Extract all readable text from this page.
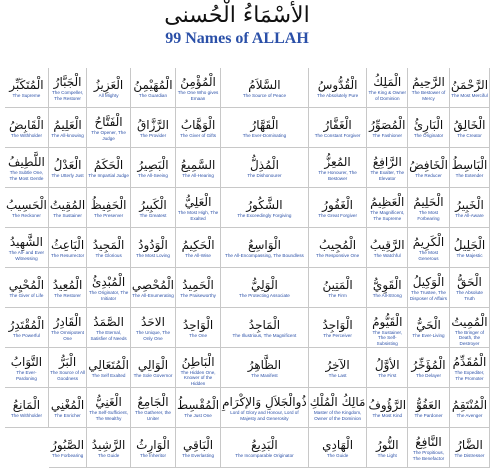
الأسْمَاءُ الْحُسنى
99 Names of ALLAH
الْمُتَكَبِّر
The Supreme
الْجَبَّارُ
The Compeller, The Restorer
الْعَزِيزُ
All Mighty
الْمُهَيْمِنُ
The Guardian
الْمُؤْمِنُ
The One Who gives Emaan
السَّلاَمُ
The Source of Peace
الْقُدُّوسُ
The Absolutely Pure
الْمَلِكُ
The King & Owner of Dominion
الرَّحِيمُ
The Bestower of Mercy
الرَّحْمَنُ
The Most Merciful
الْقَابِضُ
The Withholder
الْعَلِيمُ
The All-knowing
الْفَتَّاحُ
The Opener, The Judge
الرَّزَّاقُ
The Provider
الْوَهَّابُ
The Giver of Gifts
الْقَهَّارُ
The Ever-Dominating
الْغَفَّارُ
The Constant Forgiver
الْمُصَوِّرُ
The Fashioner
الْبَارِئُ
The Originator
الْخَالِقُ
The Creator
اللَّطِيفُ
The Subtle One, The Most Gentle
الْعَدْلُ
The Utterly Just
الْحَكَمُ
The Impartial Judge
الْبَصِيرُ
The All-Seeing
السَّمِيعُ
The All-Hearing
الْمُذِلُّ
The Dishonourer
المُعِزُّ
The Honourer, The Bestower
الرَّافِعُ
The Exalter, The Elevator
الْخَافِضُ
The Reducer
الْبَاسِطُ
The Extender
الْحَسِيبُ
The Reckoner
المُقِيتُ
The Sustainer
الْحَفِيظُ
The Preserver
الْكَبِيرُ
The Greatest
الْعَلِيُّ
The Most High, The Exalted
الشَّكُورُ
The Exceedingly Forgiving
الْغَفُورُ
The Great Forgiver
الْعَظِيمُ
The Magnificent, The Supreme
الْحَلِيمُ
The Most Forbearing
الْخَبِيرُ
The All-Aware
الشَّهِيدُ
The All- and Ever Witnessing
الْبَاعِثُ
The Resurrector
الْمَجِيدُ
The Glorious
الْوَدُودُ
The Most Loving
الْحَكِيمُ
The All-Wise
الْوَاسِعُ
The All-Encompassing, The Boundless
الْمُجِيبُ
The Responsive One
الرَّقِيبُ
The Watchful
الْكَرِيمُ
The Most Generous
الْجَلِيلُ
The Majestic
الْمُحْيِي
The Giver of Life
الْمُعِيدُ
The Restorer
الْمُبْدِئُ
The Originator, The Initiator
الْمُحْصِي
The All-Enumerating
الْحَمِيدُ
The Praiseworthy
الْوَلِيُّ
The Protecting Associate
الْمَتِينُ
The Firm
الْقَوِيُّ
The All-Strong
الْوَكِيلُ
The Trustee, The Disposer of Affairs
الْحَقُّ
The Absolute Truth
الْمُقْتَدِرُ
The Powerful
الْقَادِرُ
The Omnipotent One
الصَّمَدُ
The Eternal, Satisfier of Needs
الاحَدُ
The Unique, The Only One
الْوَاحِدُ
The One
الْمَاجِدُ
The Illustrious, The Magnificent
الْوَاجِدُ
The Perceiver
الْقَيُّومُ
The Sustainer, The Self-Subsisting
الْحَيُّ
The Ever-Living
الْمُمِيتُ
The Bringer of Death, the Destroyer
التَّوَابُ
The Ever-Pardoning
الْبَرُّ
The Source of All Goodness
الْمُتَعَالِي
The Self Exalted
الْوَالِي
The Sole Governor
الْبَاطِنُ
The Hidden One, Knower of the Hidden
الظَّاهِرُ
The Manifest
الآخِرُ
The Last
الأوَّلُ
The First
الْمُؤَخِّرُ
The Delayer
الْمُقَدِّمُ
The Expediter, The Promoter
الْمَانِعُ
The Withholder
الْمُغْنِي
The Enricher
الْغَنِيُّ
The Self-Sufficient, The Wealthy
الْجَامِعُ
The Gatherer, the Uniter
الْمُقْسِطُ
The Just One
ذُوالْجَلاَلِ وَالإكْرَامِ
Lord of Glory and Honour, Lord of Majesty and Generosity
مَالِكُ الْمُلْكِ
Master of the Kingdom, Owner of the Dominion
الرَّؤُوفُ
The Most Kind
العَفُوُّ
The Pardoner
الْمُنْتَقِمُ
The Avenger
الصَّبُورُ
The Forbearing
الرَّشِيدُ
The Guide
الْوَارِثُ
The Inheritor
الْبَاقِي
The Everlasting
الْبَدِيعُ
The Incomparable Originator
الْهَادِي
The Guide
النُّورُ
The Light
النَّافِعُ
The Propitious, The Benefactor
الضَّارُ
The Distresser
